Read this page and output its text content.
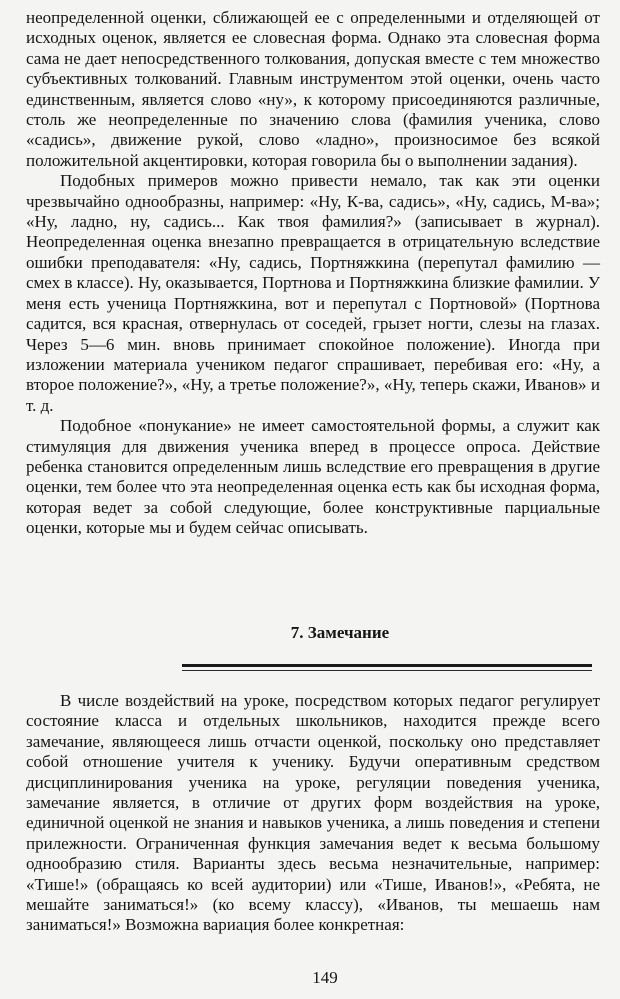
неопределенной оценки, сближающей ее с определенными и отделяющей от исходных оценок, является ее словесная форма. Однако эта словесная форма сама не дает непосредственного толкования, допуская вместе с тем множество субъективных толкований. Главным инструментом этой оценки, очень часто единственным, является слово «ну», к которому присоединяются различные, столь же неопределенные по значению слова (фамилия ученика, слово «садись», движение рукой, слово «ладно», произносимое без всякой положительной акцентировки, которая говорила бы о выполнении задания).

Подобных примеров можно привести немало, так как эти оценки чрезвычайно однообразны, например: «Ну, К-ва, садись», «Ну, садись, М-ва»; «Ну, ладно, ну, садись... Как твоя фамилия?» (записывает в журнал). Неопределенная оценка внезапно превращается в отрицательную вследствие ошибки преподавателя: «Ну, садись, Портняжкина (перепутал фамилию — смех в классе). Ну, оказывается, Портнова и Портняжкина близкие фамилии. У меня есть ученица Портняжкина, вот и перепутал с Портновой» (Портнова садится, вся красная, отвернулась от соседей, грызет ногти, слезы на глазах. Через 5—6 мин. вновь принимает спокойное положение). Иногда при изложении материала учеником педагог спрашивает, перебивая его: «Ну, а второе положение?», «Ну, а третье положение?», «Ну, теперь скажи, Иванов» и т. д.

Подобное «понукание» не имеет самостоятельной формы, а служит как стимуляция для движения ученика вперед в процессе опроса. Действие ребенка становится определенным лишь вследствие его превращения в другие оценки, тем более что эта неопределенная оценка есть как бы исходная форма, которая ведет за собой следующие, более конструктивные парциальные оценки, которые мы и будем сейчас описывать.

7. Замечание

В числе воздействий на уроке, посредством которых педагог регулирует состояние класса и отдельных школьников, находится прежде всего замечание, являющееся лишь отчасти оценкой, поскольку оно представляет собой отношение учителя к ученику. Будучи оперативным средством дисциплинирования ученика на уроке, регуляции поведения ученика, замечание является, в отличие от других форм воздействия на уроке, единичной оценкой не знания и навыков ученика, а лишь поведения и степени прилежности. Ограниченная функция замечания ведет к весьма большому однообразию стиля. Варианты здесь весьма незначительные, например: «Тише!» (обращаясь ко всей аудитории) или «Тише, Иванов!», «Ребята, не мешайте заниматься!» (ко всему классу), «Иванов, ты мешаешь нам заниматься!» Возможна вариация более конкретная:

149
